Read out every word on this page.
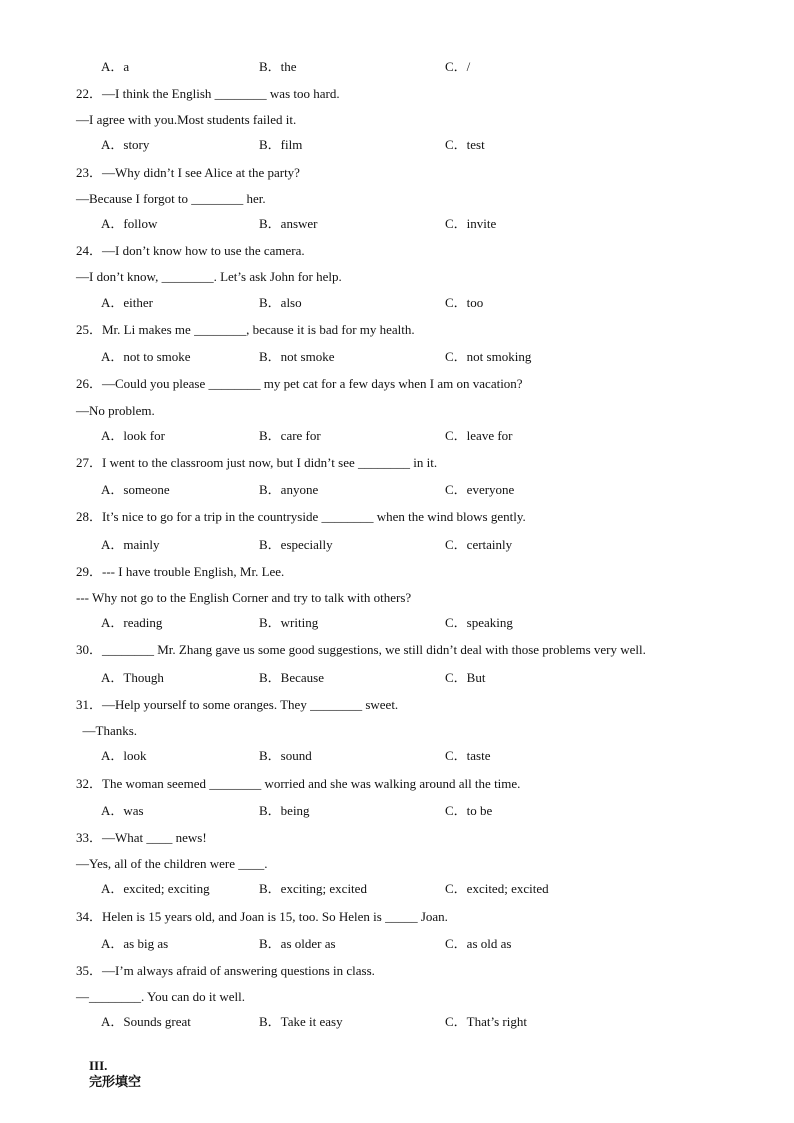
A．a	B．the	C．/
22．—I think the English ________ was too hard.
—I agree with you.Most students failed it.
A．story	B．film	C．test
23．—Why didn’t I see Alice at the party?
—Because I forgot to ________ her.
A．follow	B．answer	C．invite
24．—I don’t know how to use the camera.
—I don’t know, ________. Let’s ask John for help.
A．either	B．also	C．too
25．Mr. Li makes me ________, because it is bad for my health.
A．not to smoke	B．not smoke	C．not smoking
26．—Could you please ________ my pet cat for a few days when I am on vacation?
—No problem.
A．look for	B．care for	C．leave for
27．I went to the classroom just now, but I didn’t see ________ in it.
A．someone	B．anyone	C．everyone
28．It’s nice to go for a trip in the countryside ________ when the wind blows gently.
A．mainly	B．especially	C．certainly
29．--- I have trouble English, Mr. Lee.
--- Why not go to the English Corner and try to talk with others?
A．reading	B．writing	C．speaking
30．________ Mr. Zhang gave us some good suggestions, we still didn’t deal with those problems very well.
A．Though	B．Because	C．But
31．—Help yourself to some oranges. They ________ sweet.
—Thanks.
A．look	B．sound	C．taste
32．The woman seemed ________ worried and she was walking around all the time.
A．was	B．being	C．to be
33．—What ____ news!
—Yes, all of the children were ____.
A．excited; exciting	B．exciting; excited	C．excited; excited
34．Helen is 15 years old, and Joan is 15, too. So Helen is _____ Joan.
A．as big as	B．as older as	C．as old as
35．—I’m always afraid of answering questions in class.
—________. You can do it well.
A．Sounds great	B．Take it easy	C．That’s right

III.
完形填空
